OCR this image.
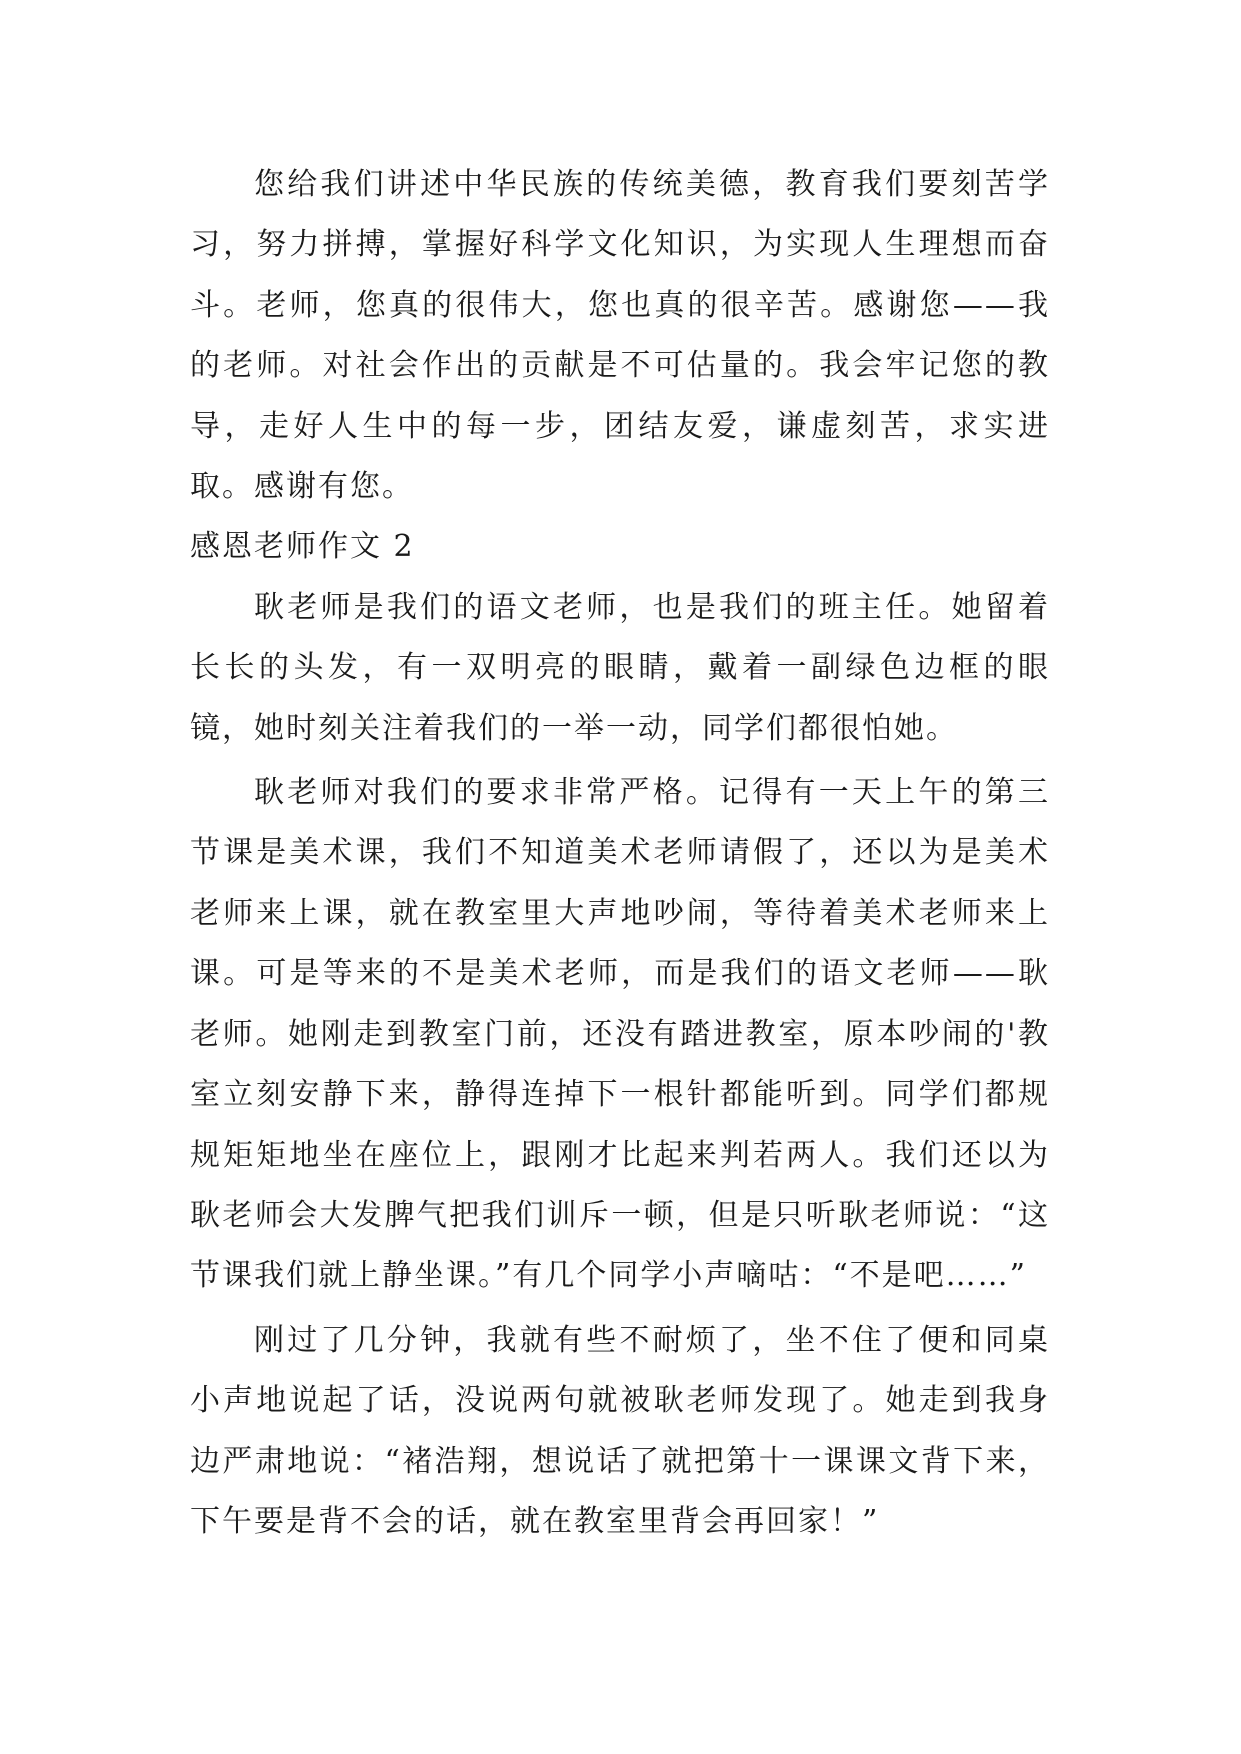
您给我们讲述中华民族的传统美德，教育我们要刻苦学习，努力拼搏，掌握好科学文化知识，为实现人生理想而奋斗。老师，您真的很伟大，您也真的很辛苦。感谢您——我的老师。对社会作出的贡献是不可估量的。我会牢记您的教导，走好人生中的每一步，团结友爱，谦虚刻苦，求实进取。感谢有您。

感恩老师作文 2

耿老师是我们的语文老师，也是我们的班主任。她留着长长的头发，有一双明亮的眼睛，戴着一副绿色边框的眼镜，她时刻关注着我们的一举一动，同学们都很怕她。

耿老师对我们的要求非常严格。记得有一天上午的第三节课是美术课，我们不知道美术老师请假了，还以为是美术老师来上课，就在教室里大声地吵闹，等待着美术老师来上课。可是等来的不是美术老师，而是我们的语文老师——耿老师。她刚走到教室门前，还没有踏进教室，原本吵闹的'教室立刻安静下来，静得连掉下一根针都能听到。同学们都规规矩矩地坐在座位上，跟刚才比起来判若两人。我们还以为耿老师会大发脾气把我们训斥一顿，但是只听耿老师说：“这节课我们就上静坐课。”有几个同学小声嘀咕：“不是吧……”

刚过了几分钟，我就有些不耐烦了，坐不住了便和同桌小声地说起了话，没说两句就被耿老师发现了。她走到我身边严肃地说：“褚浩翔，想说话了就把第十一课课文背下来，下午要是背不会的话，就在教室里背会再回家！”
